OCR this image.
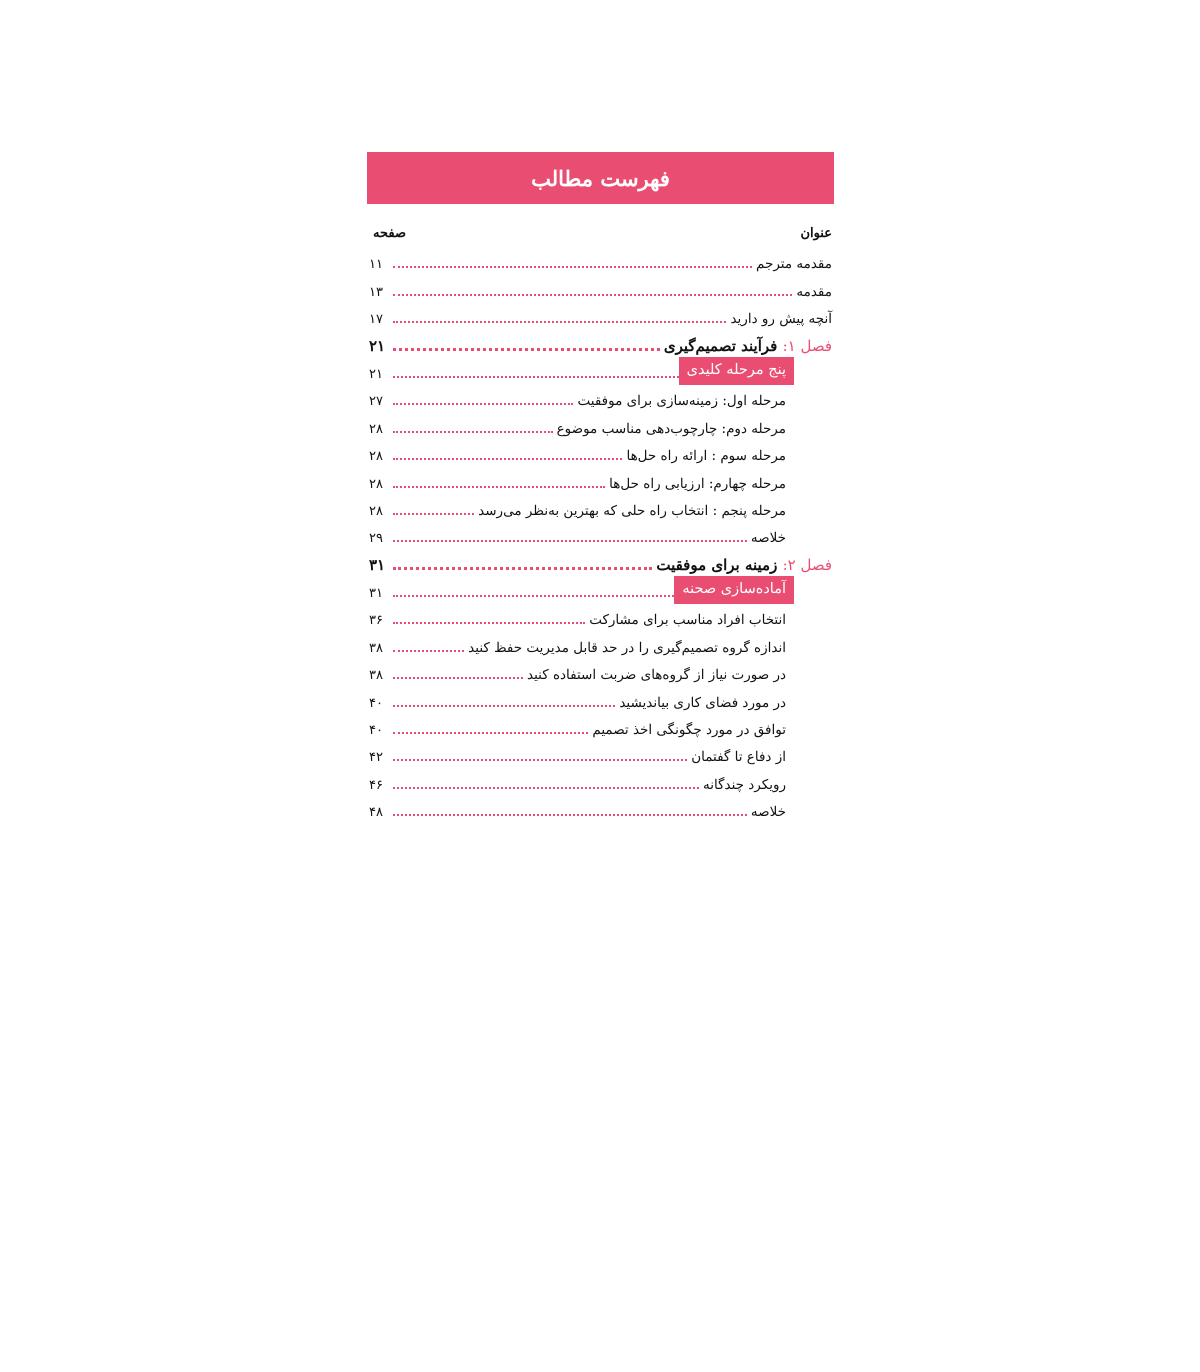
فهرست مطالب
عنوان
صفحه
مقدمه مترجم
۱۱
مقدمه
۱۳
آنچه پیش رو دارید
۱۷
فصل ۱: فرآیند تصمیم‌گیری
۲۱
پنج مرحله کلیدی
۲۱
مرحله اول: زمینه‌سازی برای موفقیت
۲۷
مرحله دوم: چارچوب‌دهی مناسب موضوع
۲۸
مرحله سوم : ارائه راه حل‌ها
۲۸
مرحله چهارم: ارزیابی راه حل‌ها
۲۸
مرحله پنجم : انتخاب راه حلی که بهترین به‌نظر می‌رسد
۲۸
خلاصه
۲۹
فصل ۲: زمینه برای موفقیت
۳۱
آماده‌سازی صحنه
۳۱
انتخاب افراد مناسب برای مشارکت
۳۶
اندازه گروه تصمیم‌گیری را در حد قابل مدیریت حفظ کنید
۳۸
در صورت نیاز از گروه‌های ضربت استفاده کنید
۳۸
در مورد فضای کاری بیاندیشید
۴۰
توافق در مورد چگونگی اخذ تصمیم
۴۰
از دفاع تا گفتمان
۴۲
رویکرد چندگانه
۴۶
خلاصه
۴۸
